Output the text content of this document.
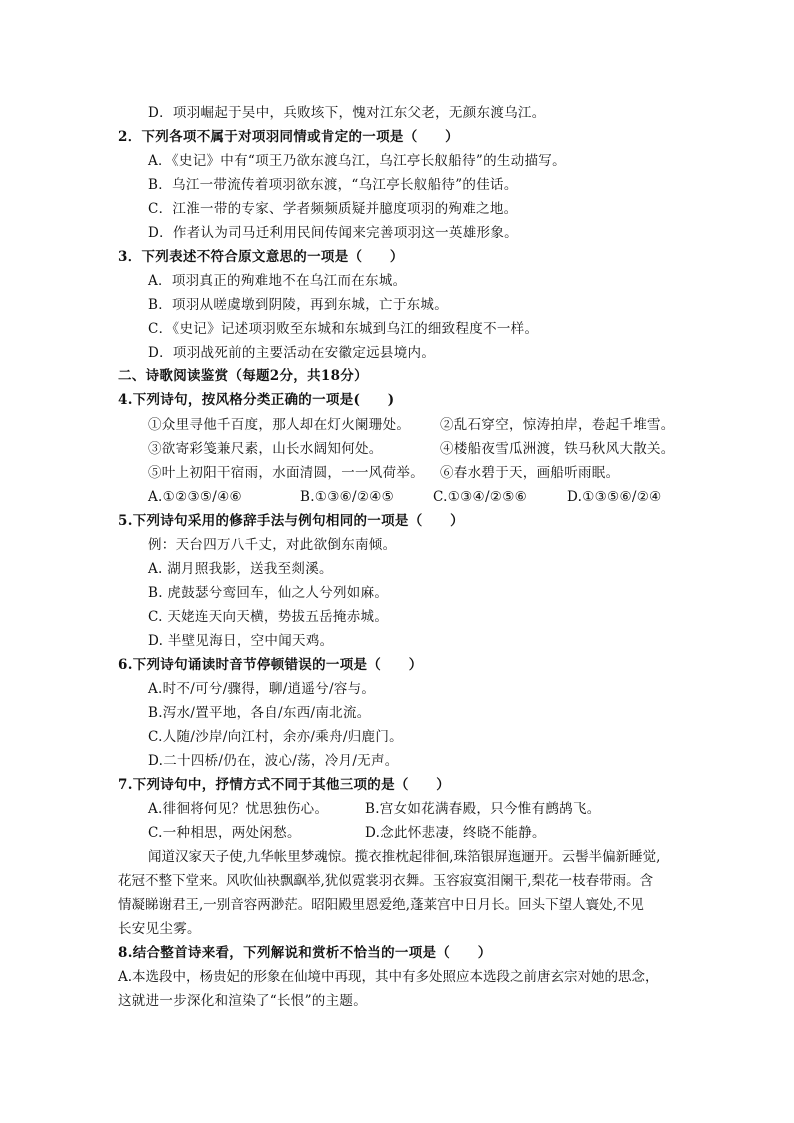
D．项羽崛起于吴中，兵败垓下，愧对江东父老，无颜东渡乌江。
2．下列各项不属于对项羽同情或肯定的一项是（　　）
A．《史记》中有“项王乃欲东渡乌江，乌江亭长舣船待”的生动描写。
B．乌江一带流传着项羽欲东渡，“乌江亭长舣船待”的佳话。
C．江淮一带的专家、学者频频质疑并臆度项羽的殉难之地。
D．作者认为司马迁利用民间传闻来完善项羽这一英雄形象。
3．下列表述不符合原文意思的一项是（　　）
A．项羽真正的殉难地不在乌江而在东城。
B．项羽从嗟虞墩到阴陵，再到东城，亡于东城。
C．《史记》记述项羽败至东城和东城到乌江的细致程度不一样。
D．项羽战死前的主要活动在安徽定远县境内。
二、诗歌阅读鉴赏（每题2分，共18分）
4.下列诗句，按风格分类正确的一项是(　　)
①众里寻他千百度，那人却在灯火阑珊处。 ②乱石穿空，惊涛拍岸，卷起千堆雪。
③欲寄彩笺兼尺素，山长水阔知何处。	④楼船夜雪瓜洲渡，铁马秋风大散关。
⑤叶上初阳干宿雨，水面清圆，一一风荷举。 ⑥春水碧于天，画船听雨眠。
A.①②③⑤/④⑥	B.①③⑥/②④⑤	C.①③④/②⑤⑥	D.①③⑤⑥/②④
5.下列诗句采用的修辞手法与例句相同的一项是（　　）
例：天台四万八千丈，对此欲倒东南倾。
A. 湖月照我影，送我至剡溪。
B. 虎鼓瑟兮鸾回车，仙之人兮列如麻。
C. 天姥连天向天横，势拔五岳掩赤城。
D. 半壁见海日，空中闻天鸡。
6.下列诗句诵读时音节停顿错误的一项是（　　）
A.时不/可兮/骤得，聊/逍遥兮/容与。
B.泻水/置平地，各自/东西/南北流。
C.人随/沙岸/向江村，余亦/乘舟/归鹿门。
D.二十四桥/仍在，波心/荡，冷月/无声。
7.下列诗句中，抒情方式不同于其他三项的是（　　）
A.徘徊将何见？忧思独伤心。	B.宫女如花满春殿，只今惟有鹧鸪飞。
C.一种相思，两处闲愁。	D.念此怀悲凄，终晓不能静。
闻道汉家天子使,九华帐里梦魂惊。揽衣推枕起徘徊,珠箔银屏迤逦开。云髻半偏新睡觉,
花冠不整下堂来。风吹仙袂飘飖举,犹似霓裳羽衣舞。玉容寂寞泪阑干,梨花一枝春带雨。含
情凝睇谢君王,一别音容两渺茫。昭阳殿里恩爱绝,蓬莱宫中日月长。回头下望人寰处,不见
长安见尘雾。
8.结合整首诗来看，下列解说和赏析不恰当的一项是（　　）
A.本选段中，杨贵妃的形象在仙境中再现，其中有多处照应本选段之前唐玄宗对她的思念，
这就进一步深化和渲染了“长恨”的主题。
